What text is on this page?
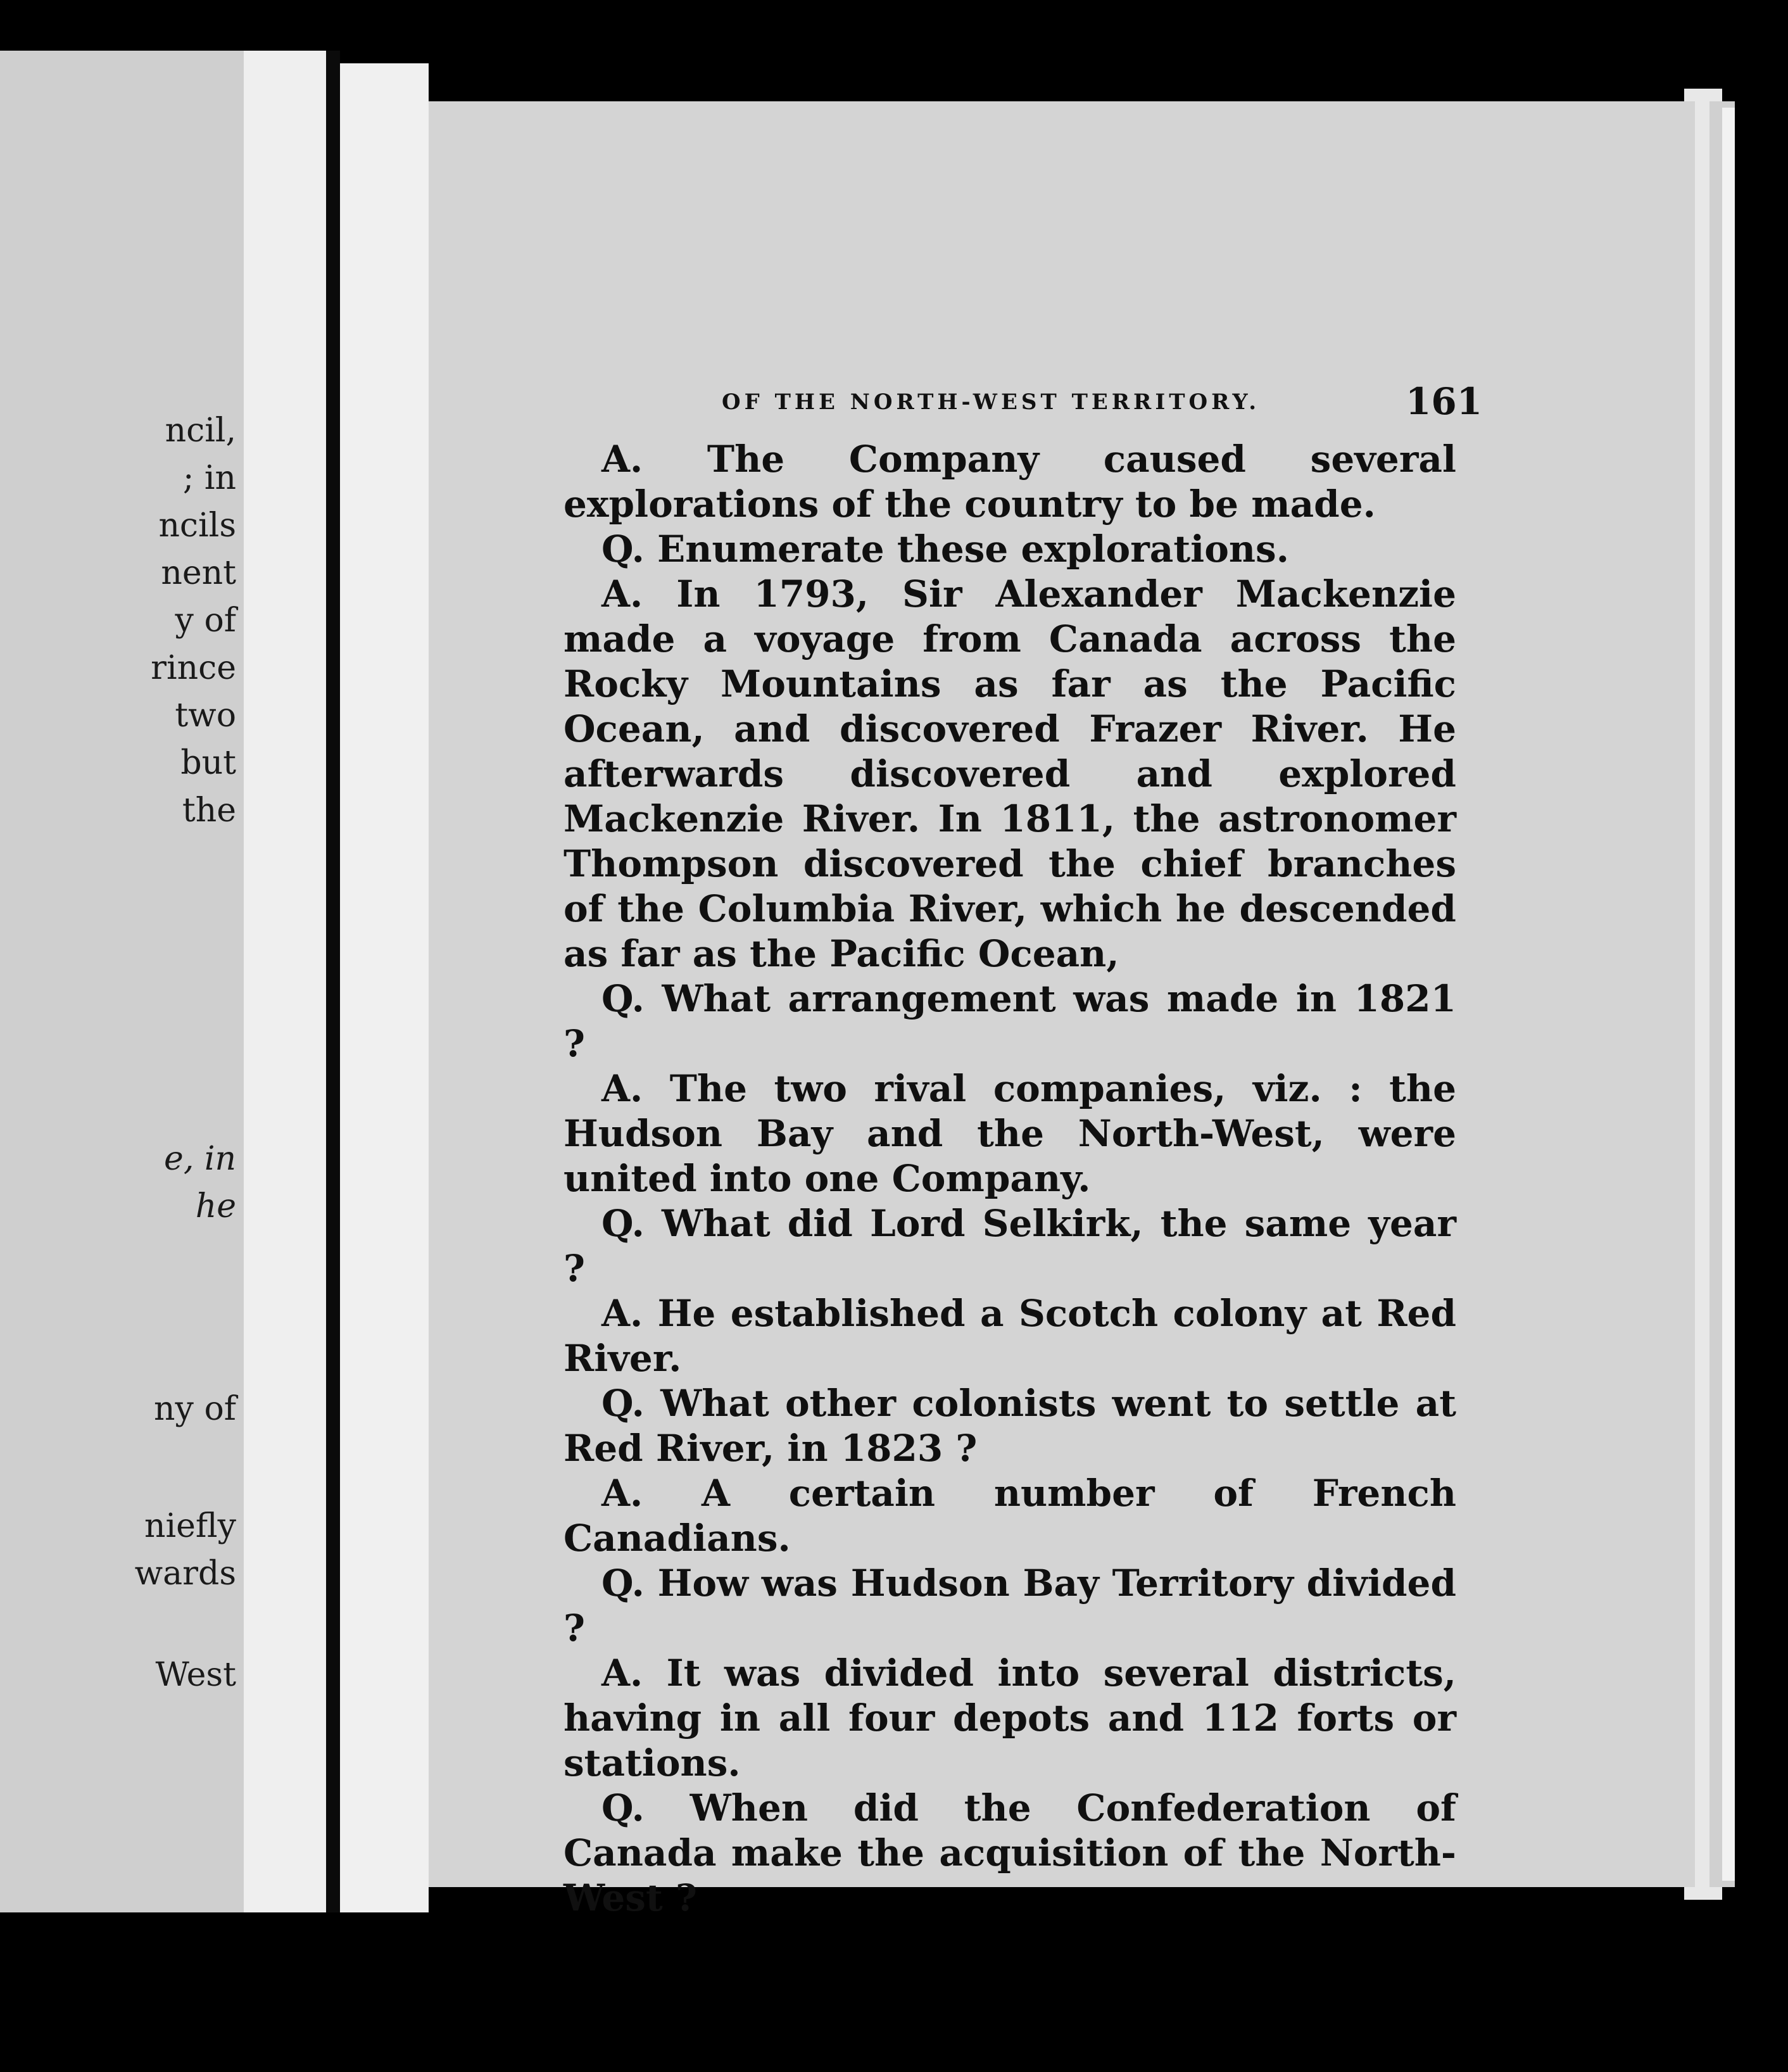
ncil,
; in
ncils
nent
y of
rince
two
but
the
e, in
he
ny of
niefly
wards
West
OF THE NORTH-WEST TERRITORY.	161

A. The Company caused several explorations of the country to be made.

Q. Enumerate these explorations.

A. In 1793, Sir Alexander Mackenzie made a voyage from Canada across the Rocky Mountains as far as the Pacific Ocean, and discovered Frazer River. He afterwards discovered and explored Mackenzie River. In 1811, the astronomer Thompson discovered the chief branches of the Columbia River, which he descended as far as the Pacific Ocean,

Q. What arrangement was made in 1821 ?

A. The two rival companies, viz. : the Hudson Bay and the North-West, were united into one Company.

Q. What did Lord Selkirk, the same year ?

A. He established a Scotch colony at Red River.

Q. What other colonists went to settle at Red River, in 1823 ?

A. A certain number of French Canadians.

Q. How was Hudson Bay Territory divided ?

A. It was divided into several districts, having in all four depots and 112 forts or stations.

Q. When did the Confederation of Canada make the acquisition of the North-West ?
